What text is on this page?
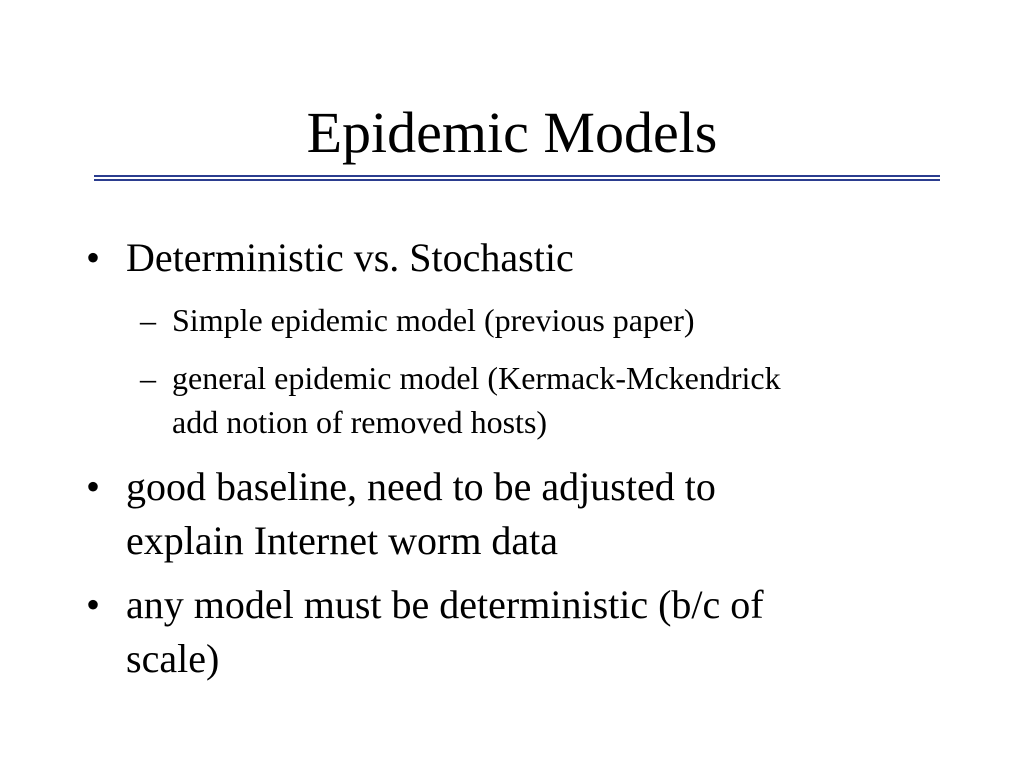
Epidemic Models
• Deterministic vs. Stochastic
– Simple epidemic model (previous paper)
– general epidemic model (Kermack-Mckendrick
add notion of removed hosts)
• good baseline, need to be adjusted to
explain Internet worm data
• any model must be deterministic (b/c of
scale)
